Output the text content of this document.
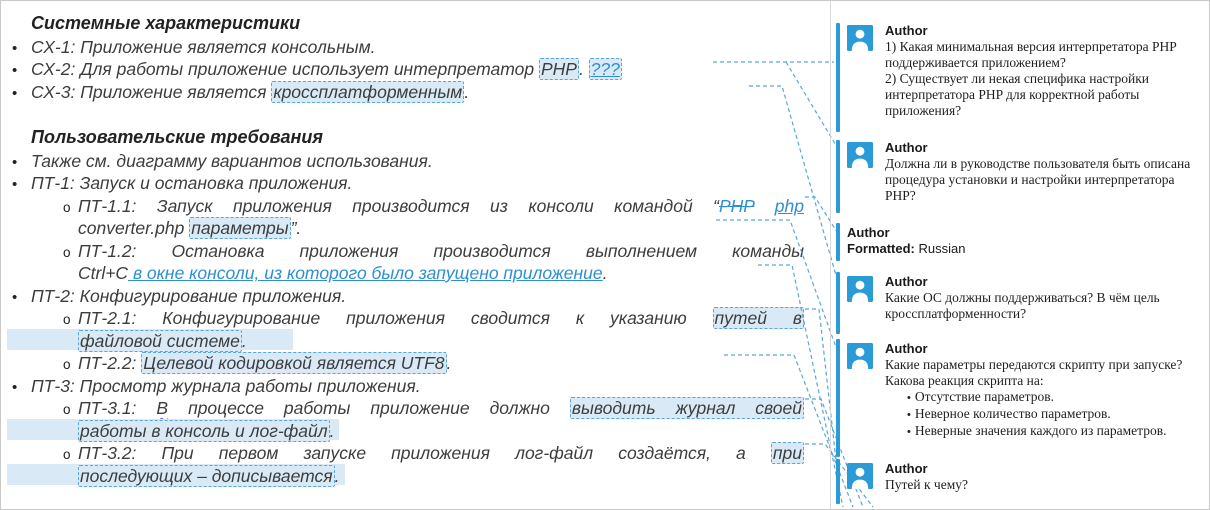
Системные характеристики
• СХ-1: Приложение является консольным.
• СХ-2: Для работы приложение использует интерпретатор PHP . ???
• СХ-3: Приложение является кроссплатформенным .
Пользовательские требования
• Также см. диаграмму вариантов использования.
• ПТ-1: Запуск и остановка приложения.
o ПТ-1.1: Запуск приложения производится из консоли командой “PHP php
converter.php параметры ”.
o ПТ-1.2: Остановка приложения производится выполнением команды
Ctrl+C в окне консоли, из которого было запущено приложение.
• ПТ-2: Конфигурирование приложения.
o ПТ-2.1: Конфигурирование приложения сводится к указанию путей в
файловой системе .
o ПТ-2.2: Целевой кодировкой является UTF8 .
• ПТ-3: Просмотр журнала работы приложения.
o ПТ-3.1: В процессе работы приложение должно выводить журнал своей
работы в консоль и лог-файл .
o ПТ-3.2: При первом запуске приложения лог-файл создаётся, а при
последующих – дописывается .
Author
1) Какая минимальная версия интерпретатора PHP поддерживается приложением?
2) Существует ли некая специфика настройки интерпретатора PHP для корректной работы приложения?
Author
Должна ли в руководстве пользователя быть описана процедура установки и настройки интерпретатора PHP?
Author
Formatted: Russian
Author
Какие ОС должны поддерживаться? В чём цель кроссплатформенности?
Author
Какие параметры передаются скрипту при запуске? Какова реакция скрипта на:
• Отсутствие параметров.
• Неверное количество параметров.
• Неверные значения каждого из параметров.
Author
Путей к чему?
